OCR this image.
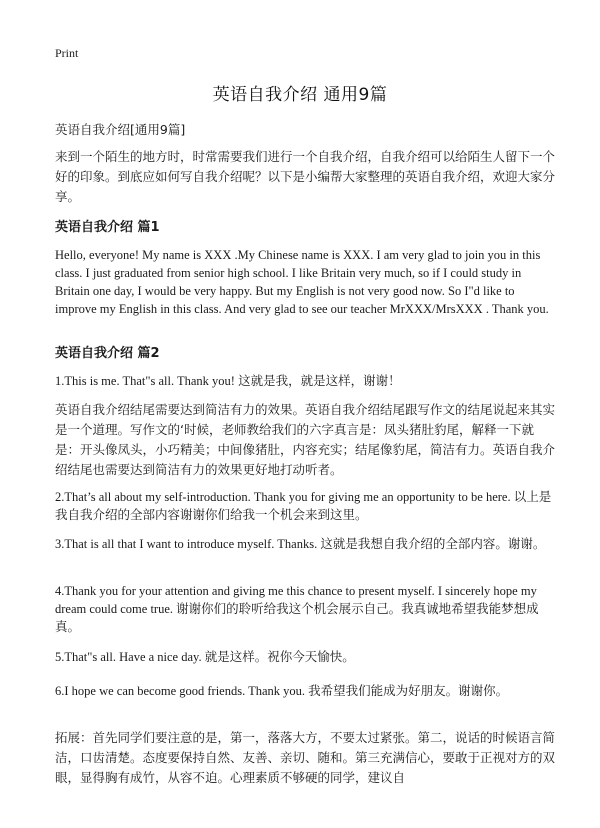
Print
英语自我介绍 通用9篇
英语自我介绍[通用9篇]

来到一个陌生的地方时，时常需要我们进行一个自我介绍，自我介绍可以给陌生人留下一个好的印象。到底应如何写自我介绍呢？以下是小编帮大家整理的英语自我介绍，欢迎大家分享。

英语自我介绍 篇1

Hello, everyone! My name is XXX .My Chinese name is XXX. I am very glad to join you in this class. I just graduated from senior high school. I like Britain very much, so if I could study in Britain one day, I would be very happy. But my English is not very good now. So I"d like to improve my English in this class. And very glad to see our teacher MrXXX/MrsXXX . Thank you.

英语自我介绍 篇2

1.This is me. That"s all. Thank you! 这就是我，就是这样，谢谢！

英语自我介绍结尾需要达到简洁有力的效果。英语自我介绍结尾跟写作文的结尾说起来其实是一个道理。写作文的‘时候，老师教给我们的六字真言是：凤头猪肚豹尾，解释一下就是：开头像凤头，小巧精美；中间像猪肚，内容充实；结尾像豹尾，简洁有力。英语自我介绍结尾也需要达到简洁有力的效果更好地打动听者。

2.That’s all about my self-introduction. Thank you for giving me an opportunity to be here. 以上是我自我介绍的全部内容谢谢你们给我一个机会来到这里。

3.That is all that I want to introduce myself. Thanks. 这就是我想自我介绍的全部内容。谢谢。

4.Thank you for your attention and giving me this chance to present myself. I sincerely hope my dream could come true. 谢谢你们的聆听给我这个机会展示自己。我真诚地希望我能梦想成真。

5.That"s all. Have a nice day. 就是这样。祝你今天愉快。

6.I hope we can become good friends. Thank you. 我希望我们能成为好朋友。谢谢你。

拓展：首先同学们要注意的是，第一，落落大方，不要太过紧张。第二，说话的时候语言简洁，口齿清楚。态度要保持自然、友善、亲切、随和。第三充满信心，要敢于正视对方的双眼，显得胸有成竹，从容不迫。心理素质不够硬的同学，建议自
